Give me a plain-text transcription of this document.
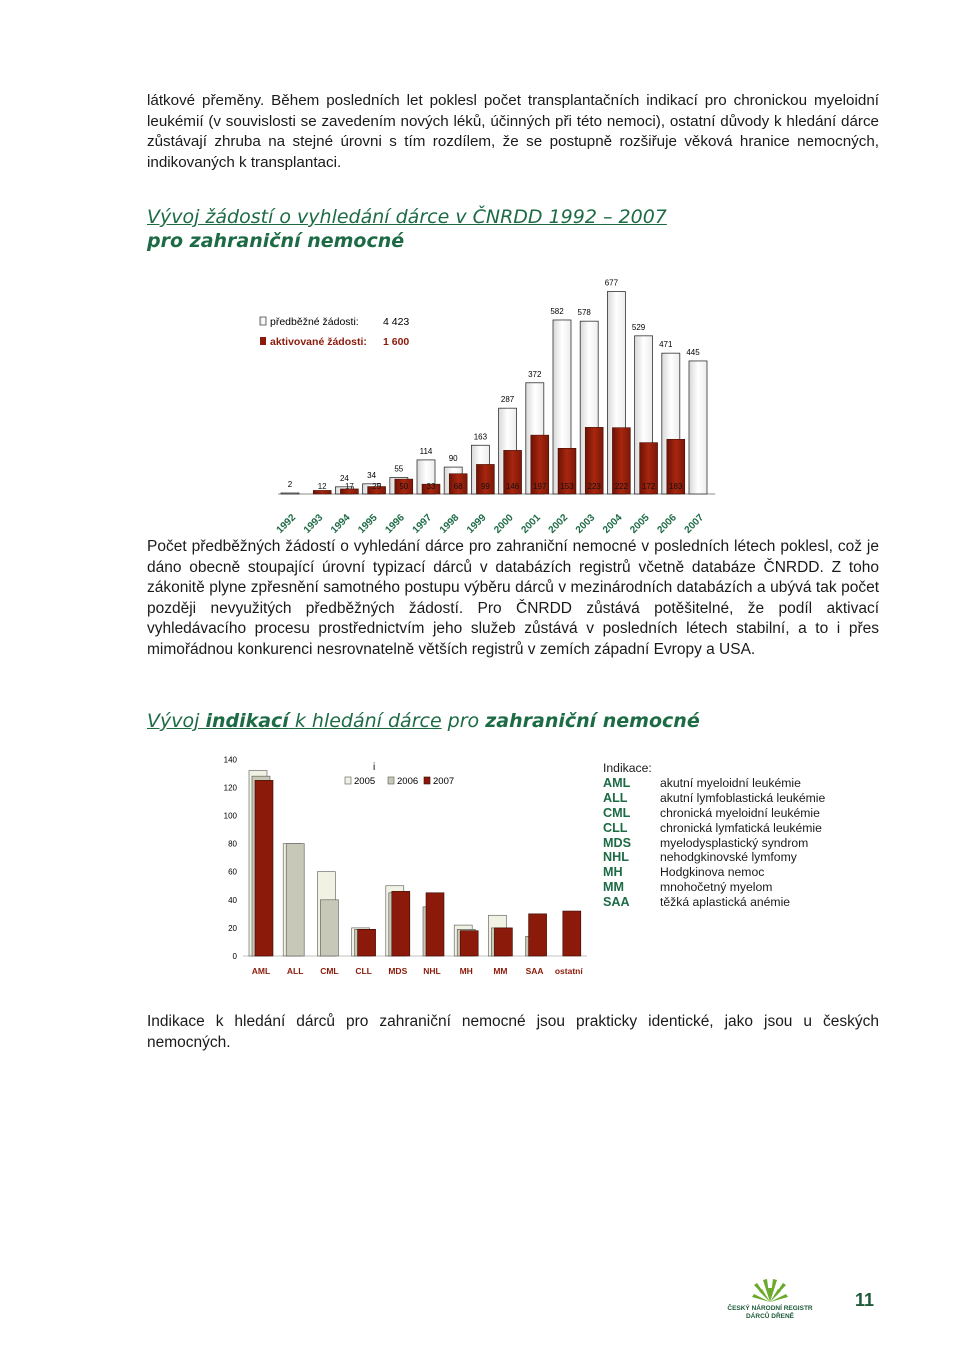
látkové přeměny. Během posledních let poklesl počet transplantačních indikací pro chronickou myeloidní leukémií (v souvislosti se zavedením nových léků, účinných při této nemoci), ostatní důvody k hledání dárce zůstávají zhruba na stejné úrovni s tím rozdílem, že se postupně rozšiřuje věková hranice nemocných, indikovaných k transplantaci.

Vývoj žádostí o vyhledání dárce v ČNRDD 1992 – 2007
pro zahraniční nemocné
2
1992
12
1993
24
17
1994
34
25
1995
55
50
1996
114
33
1997
90
68
1998
163
99
1999
287
146
2000
372
197
2001
582
153
2002
578
223
2003
677
222
2004
529
172
2005
471
183
2006
445
2007
předběžné žádosti: 4 423
aktivované žádosti: 1 600

Počet předběžných žádostí o vyhledání dárce pro zahraniční nemocné v posledních létech poklesl, což je dáno obecně stoupající úrovní typizací dárců v databázích registrů včetně databáze ČNRDD. Z toho zákonitě plyne zpřesnění samotného postupu výběru dárců v mezinárodních databázích a ubývá tak počet později nevyužitých předběžných žádostí. Pro ČNRDD zůstává potěšitelné, že podíl aktivací vyhledávacího procesu prostřednictvím jeho služeb zůstává v posledních létech stabilní, a to i přes mimořádnou konkurenci nesrovnatelně větších registrů v zemích západní Evropy a USA.

Vývoj indikací k hledání dárce pro zahraniční nemocné
0
20
40
60
80
100
120
140
AML ALL CML CLL MDS NHL MH MM SAA ostatní
i
2005 2006 2007
Indikace:
AML	akutní myeloidní leukémie
ALL	akutní lymfoblastická leukémie
CML	chronická myeloidní leukémie
CLL	chronická lymfatická leukémie
MDS	myelodysplastický syndrom
NHL	nehodgkinovské lymfomy
MH	Hodgkinova nemoc
MM	mnohočetný myelom
SAA	těžká aplastická anémie

Indikace k hledání dárců pro zahraniční nemocné jsou prakticky identické, jako jsou u českých nemocných.

ČESKÝ NÁRODNÍ REGISTR
DÁRCŮ DŘENĚ
11
